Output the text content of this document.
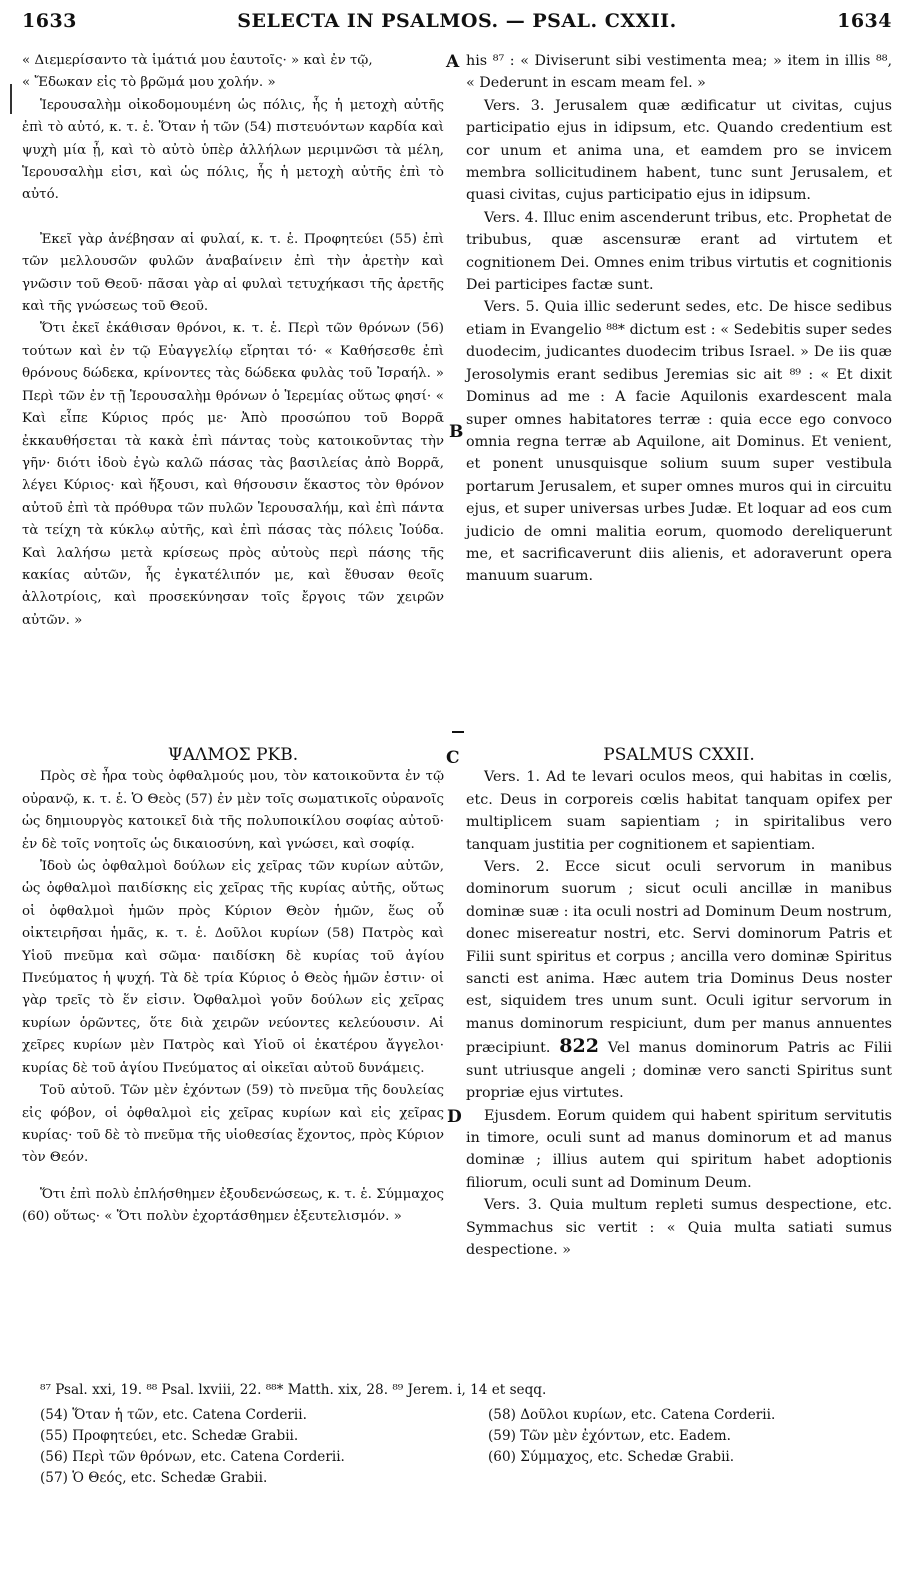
1633	SELECTA IN PSALMOS. — PSAL. CXXII.	1634
A
B
C
D

« Διεμερίσαντο τὰ ἱμάτιά μου ἑαυτοῖς· » καὶ ἐν τῷ,

« Ἔδωκαν εἰς τὸ βρῶμά μου χολήν. »

Ἱερουσαλὴμ οἰκοδομουμένη ὡς πόλις, ἧς ἡ μετοχὴ αὐτῆς ἐπὶ τὸ αὐτό, κ. τ. ἑ. Ὅταν ἡ τῶν (54) πιστευόντων καρδία καὶ ψυχὴ μία ᾖ, καὶ τὸ αὐτὸ ὑπὲρ ἀλλήλων μεριμνῶσι τὰ μέλη, Ἱερουσαλὴμ εἰσι, καὶ ὡς πόλις, ἧς ἡ μετοχὴ αὐτῆς ἐπὶ τὸ αὐτό.

Ἐκεῖ γὰρ ἀνέβησαν αἱ φυλαί, κ. τ. ἑ. Προφητεύει (55) ἐπὶ τῶν μελλουσῶν φυλῶν ἀναβαίνειν ἐπὶ τὴν ἀρετὴν καὶ γνῶσιν τοῦ Θεοῦ· πᾶσαι γὰρ αἱ φυλαὶ τετυχήκασι τῆς ἀρετῆς καὶ τῆς γνώσεως τοῦ Θεοῦ.

Ὅτι ἐκεῖ ἐκάθισαν θρόνοι, κ. τ. ἑ. Περὶ τῶν θρόνων (56) τούτων καὶ ἐν τῷ Εὐαγγελίῳ εἴρηται τό· « Καθήσεσθε ἐπὶ θρόνους δώδεκα, κρίνοντες τὰς δώδεκα φυλὰς τοῦ Ἰσραήλ. » Περὶ τῶν ἐν τῇ Ἱερουσαλὴμ θρόνων ὁ Ἱερεμίας οὕτως φησί· « Καὶ εἶπε Κύριος πρός με· Ἀπὸ προσώπου τοῦ Βορρᾶ ἐκκαυθήσεται τὰ κακὰ ἐπὶ πάντας τοὺς κατοικοῦντας τὴν γῆν· διότι ἰδοὺ ἐγὼ καλῶ πάσας τὰς βασιλείας ἀπὸ Βορρᾶ, λέγει Κύριος· καὶ ἥξουσι, καὶ θήσουσιν ἕκαστος τὸν θρόνον αὐτοῦ ἐπὶ τὰ πρόθυρα τῶν πυλῶν Ἱερουσαλήμ, καὶ ἐπὶ πάντα τὰ τείχη τὰ κύκλῳ αὐτῆς, καὶ ἐπὶ πάσας τὰς πόλεις Ἰούδα. Καὶ λαλήσω μετὰ κρίσεως πρὸς αὐτοὺς περὶ πάσης τῆς κακίας αὐτῶν, ἧς ἐγκατέλιπόν με, καὶ ἔθυσαν θεοῖς ἀλλοτρίοις, καὶ προσεκύνησαν τοῖς ἔργοις τῶν χειρῶν αὐτῶν. »

ΨΑΛΜΟΣ ΡΚΒ.

Πρὸς σὲ ἦρα τοὺς ὀφθαλμούς μου, τὸν κατοικοῦντα ἐν τῷ οὐρανῷ, κ. τ. ἑ. Ὁ Θεὸς (57) ἐν μὲν τοῖς σωματικοῖς οὐρανοῖς ὡς δημιουργὸς κατοικεῖ διὰ τῆς πολυποικίλου σοφίας αὐτοῦ· ἐν δὲ τοῖς νοητοῖς ὡς δικαιοσύνη, καὶ γνώσει, καὶ σοφίᾳ.

Ἰδοὺ ὡς ὀφθαλμοὶ δούλων εἰς χεῖρας τῶν κυρίων αὐτῶν, ὡς ὀφθαλμοὶ παιδίσκης εἰς χεῖρας τῆς κυρίας αὐτῆς, οὕτως οἱ ὀφθαλμοὶ ἡμῶν πρὸς Κύριον Θεὸν ἡμῶν, ἕως οὗ οἰκτειρῆσαι ἡμᾶς, κ. τ. ἑ. Δοῦλοι κυρίων (58) Πατρὸς καὶ Υἱοῦ πνεῦμα καὶ σῶμα· παιδίσκη δὲ κυρίας τοῦ ἁγίου Πνεύματος ἡ ψυχή. Τὰ δὲ τρία Κύριος ὁ Θεὸς ἡμῶν ἐστιν· οἱ γὰρ τρεῖς τὸ ἕν εἰσιν. Ὀφθαλμοὶ γοῦν δούλων εἰς χεῖρας κυρίων ὁρῶντες, ὅτε διὰ χειρῶν νεύοντες κελεύουσιν. Αἱ χεῖρες κυρίων μὲν Πατρὸς καὶ Υἱοῦ οἱ ἑκατέρου ἄγγελοι· κυρίας δὲ τοῦ ἁγίου Πνεύματος αἱ οἰκεῖαι αὐτοῦ δυνάμεις.

Τοῦ αὐτοῦ. Τῶν μὲν ἐχόντων (59) τὸ πνεῦμα τῆς δουλείας εἰς φόβον, οἱ ὀφθαλμοὶ εἰς χεῖρας κυρίων καὶ εἰς χεῖρας κυρίας· τοῦ δὲ τὸ πνεῦμα τῆς υἱοθεσίας ἔχοντος, πρὸς Κύριον τὸν Θεόν.

Ὅτι ἐπὶ πολὺ ἐπλήσθημεν ἐξουδενώσεως, κ. τ. ἑ. Σύμμαχος (60) οὕτως· « Ὅτι πολὺν ἐχορτάσθημεν ἐξευτελισμόν. »

his ⁸⁷ : « Diviserunt sibi vestimenta mea; » item in illis ⁸⁸, « Dederunt in escam meam fel. »

Vers. 3. Jerusalem quæ ædificatur ut civitas, cujus participatio ejus in idipsum, etc. Quando credentium est cor unum et anima una, et eamdem pro se invicem membra sollicitudinem habent, tunc sunt Jerusalem, et quasi civitas, cujus participatio ejus in idipsum.

Vers. 4. Illuc enim ascenderunt tribus, etc. Prophetat de tribubus, quæ ascensuræ erant ad virtutem et cognitionem Dei. Omnes enim tribus virtutis et cognitionis Dei participes factæ sunt.

Vers. 5. Quia illic sederunt sedes, etc. De hisce sedibus etiam in Evangelio ⁸⁸* dictum est : « Sedebitis super sedes duodecim, judicantes duodecim tribus Israel. » De iis quæ Jerosolymis erant sedibus Jeremias sic ait ⁸⁹ : « Et dixit Dominus ad me : A facie Aquilonis exardescent mala super omnes habitatores terræ : quia ecce ego convoco omnia regna terræ ab Aquilone, ait Dominus. Et venient, et ponent unusquisque solium suum super vestibula portarum Jerusalem, et super omnes muros qui in circuitu ejus, et super universas urbes Judæ. Et loquar ad eos cum judicio de omni malitia eorum, quomodo dereliquerunt me, et sacrificaverunt diis alienis, et adoraverunt opera manuum suarum.

PSALMUS CXXII.

Vers. 1. Ad te levari oculos meos, qui habitas in cœlis, etc. Deus in corporeis cœlis habitat tanquam opifex per multiplicem suam sapientiam ; in spiritalibus vero tanquam justitia per cognitionem et sapientiam.

Vers. 2. Ecce sicut oculi servorum in manibus dominorum suorum ; sicut oculi ancillæ in manibus dominæ suæ : ita oculi nostri ad Dominum Deum nostrum, donec misereatur nostri, etc. Servi dominorum Patris et Filii sunt spiritus et corpus ; ancilla vero dominæ Spiritus sancti est anima. Hæc autem tria Dominus Deus noster est, siquidem tres unum sunt. Oculi igitur servorum in manus dominorum respiciunt, dum per manus annuentes præcipiunt. 822 Vel manus dominorum Patris ac Filii sunt utriusque angeli ; dominæ vero sancti Spiritus sunt propriæ ejus virtutes.

Ejusdem. Eorum quidem qui habent spiritum servitutis in timore, oculi sunt ad manus dominorum et ad manus dominæ ; illius autem qui spiritum habet adoptionis filiorum, oculi sunt ad Dominum Deum.

Vers. 3. Quia multum repleti sumus despectione, etc. Symmachus sic vertit : « Quia multa satiati sumus despectione. »

⁸⁷ Psal. xxi, 19. ⁸⁸ Psal. lxviii, 22. ⁸⁸* Matth. xix, 28. ⁸⁹ Jerem. i, 14 et seqq.

(54) Ὅταν ἡ τῶν, etc. Catena Corderii.

(55) Προφητεύει, etc. Schedæ Grabii.

(56) Περὶ τῶν θρόνων, etc. Catena Corderii.

(57) Ὁ Θεός, etc. Schedæ Grabii.

(58) Δοῦλοι κυρίων, etc. Catena Corderii.

(59) Τῶν μὲν ἐχόντων, etc. Eadem.

(60) Σύμμαχος, etc. Schedæ Grabii.
